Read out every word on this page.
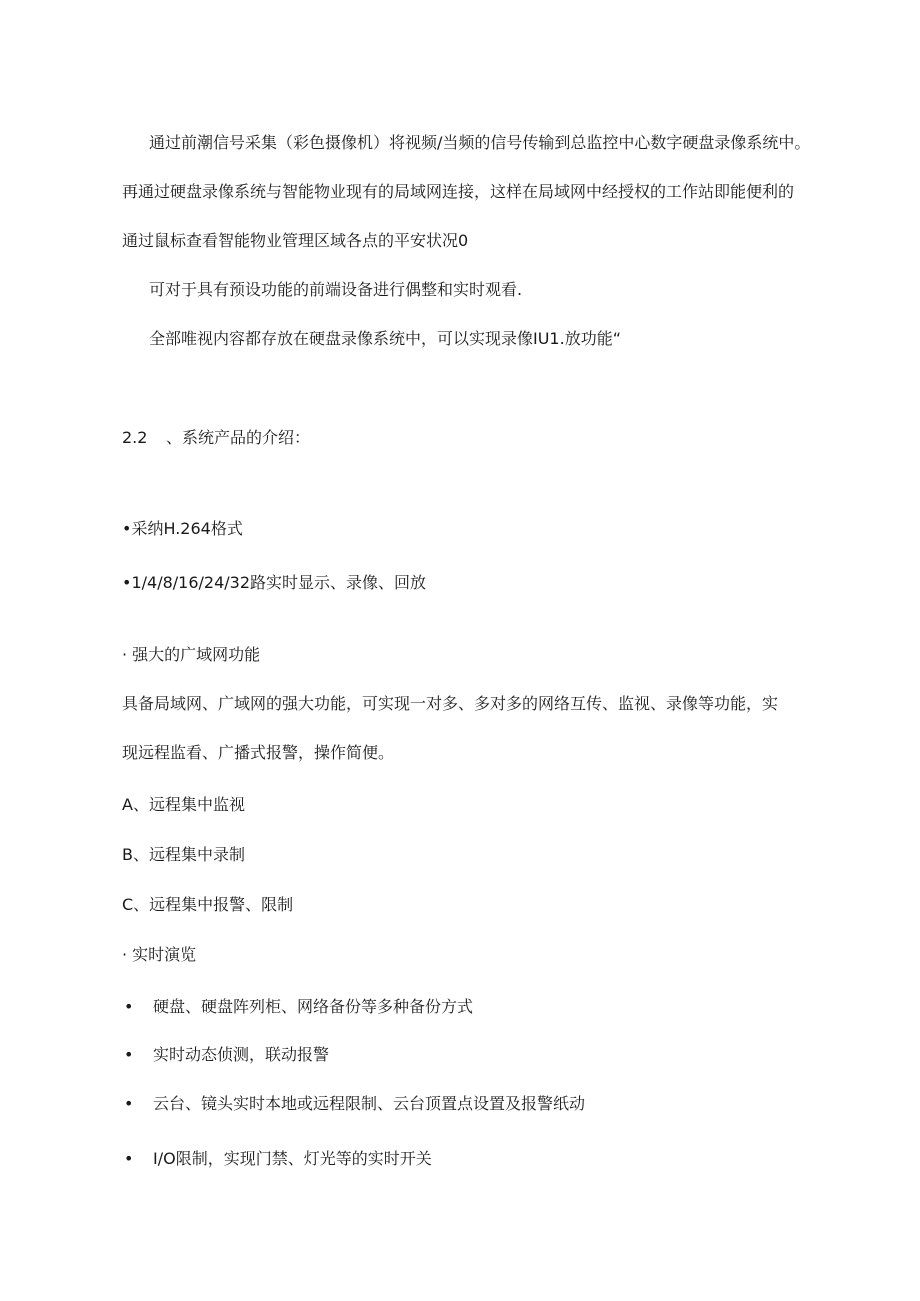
通过前潮信号采集（彩色摄像机）将视频/当频的信号传输到总监控中心数字硬盘录像系统中。
再通过硬盘录像系统与智能物业现有的局域网连接，这样在局域网中经授权的工作站即能便利的
通过鼠标查看智能物业管理区域各点的平安状况0
可对于具有预设功能的前端设备进行偶整和实时观看.
全部唯视内容都存放在硬盘录像系统中，可以实现录像IU1.放功能“
2.2 、系统产品的介绍：
•采纳H.264格式
•1/4/8/16/24/32路实时显示、录像、回放
· 强大的广域网功能
具备局域网、广域网的强大功能，可实现一对多、多对多的网络互传、监视、录像等功能，实
现远程监看、广播式报警，操作简便。
A、远程集中监视
B、远程集中录制
C、远程集中报警、限制
· 实时演览
• 硬盘、硬盘阵列柜、网络备份等多种备份方式
• 实时动态侦测，联动报警
• 云台、镜头实时本地或远程限制、云台顶置点设置及报警纸动
• I/O限制，实现门禁、灯光等的实时开关
